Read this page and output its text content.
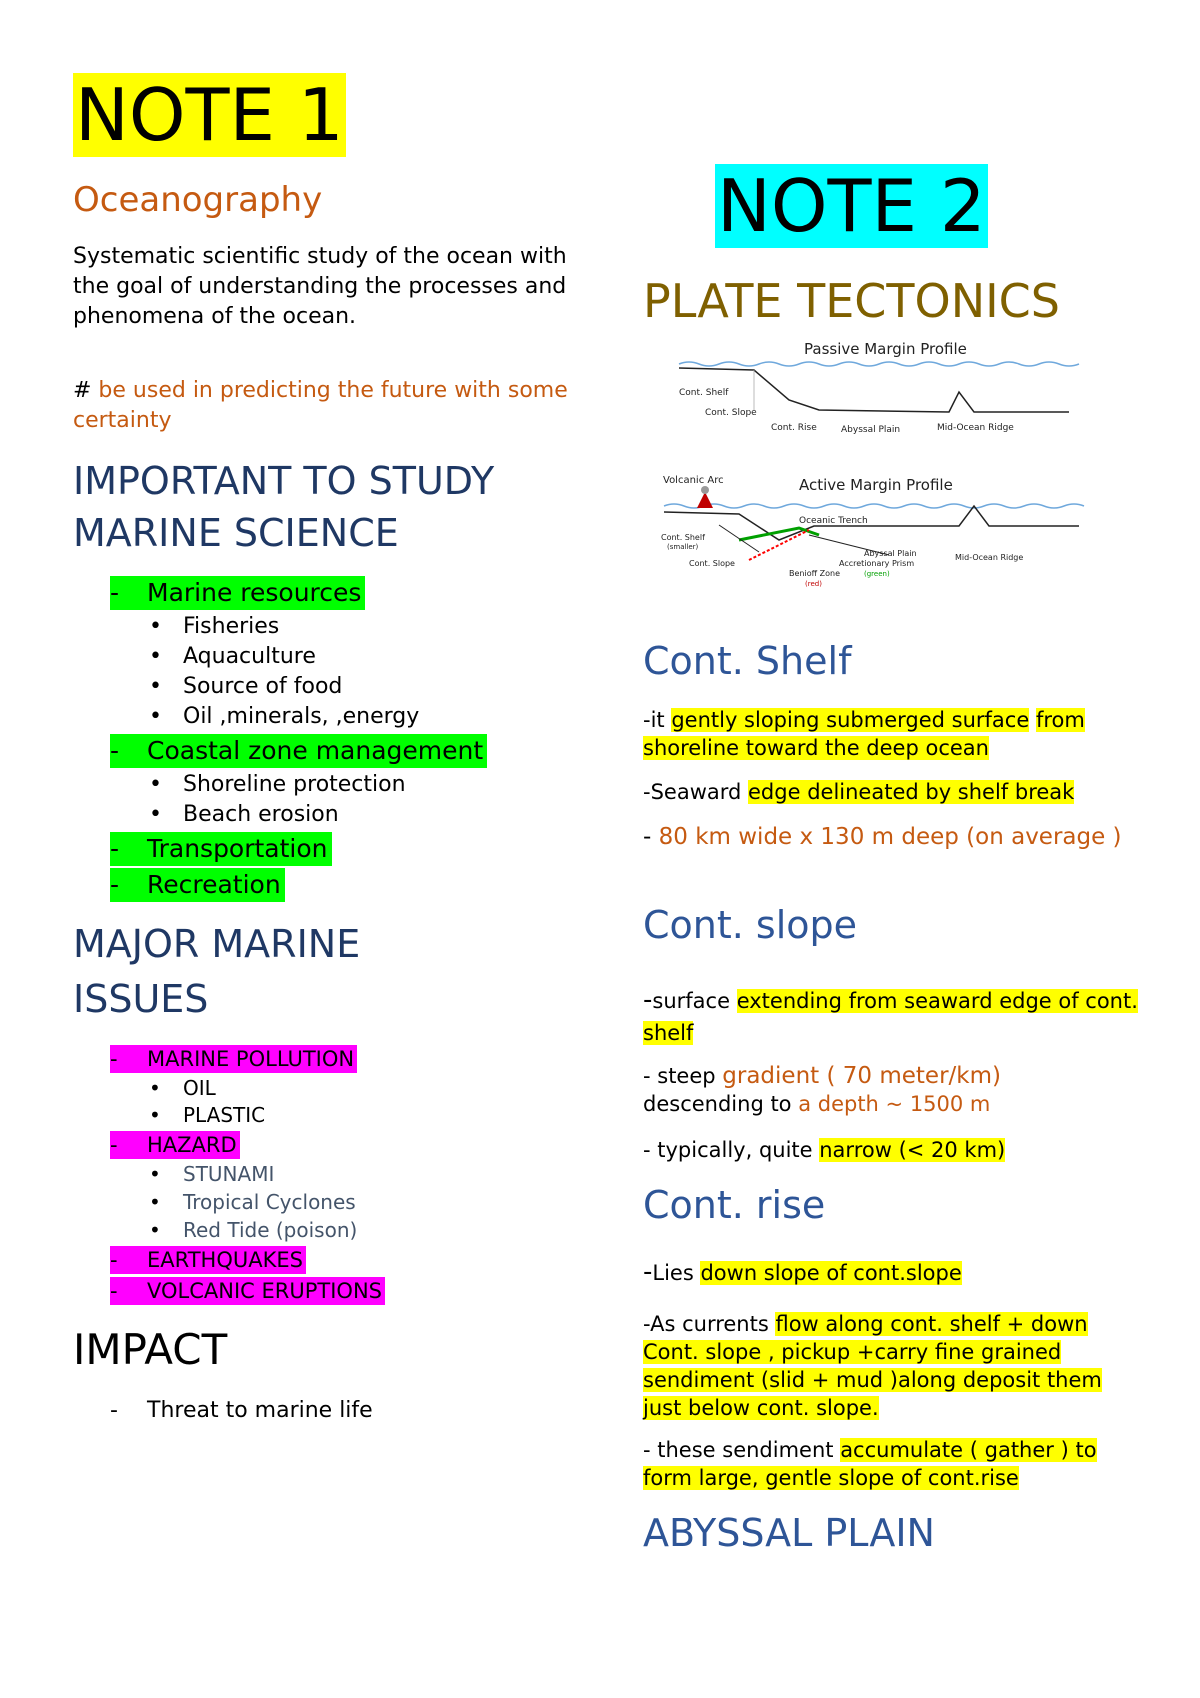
NOTE 1
Oceanography
Systematic scientific study of the ocean with the goal of understanding the processes and phenomena of the ocean.
# be used in predicting the future with some certainty
IMPORTANT TO STUDY MARINE SCIENCE
- Marine resources
• Fisheries
• Aquaculture
• Source of food
• Oil ,minerals, ,energy
- Coastal zone management
• Shoreline protection
• Beach erosion
- Transportation
- Recreation
MAJOR MARINE ISSUES
- MARINE POLLUTION
• OIL
• PLASTIC
- HAZARD
• STUNAMI
• Tropical Cyclones
• Red Tide (poison)
- EARTHQUAKES
- VOLCANIC ERUPTIONS
IMPACT
- Threat to marine life
NOTE 2
PLATE TECTONICS
Passive Margin Profile
Cont. Shelf
Cont. Slope
Cont. Rise	Abyssal Plain	Mid-Ocean Ridge
Volcanic Arc	Active Margin Profile
Oceanic Trench
Cont. Shelf
(smaller)
Cont. Slope
Benioff Zone
(red)
Abyssal Plain
Accretionary Prism
(green)
Mid-Ocean Ridge
Cont. Shelf
-it gently sloping submerged surface from shoreline toward the deep ocean
-Seaward edge delineated by shelf break
- 80 km wide x 130 m deep (on average )
Cont. slope
-surface extending from seaward edge of cont. shelf
- steep gradient ( 70 meter/km)
descending to a depth ~ 1500 m
- typically, quite narrow (< 20 km)
Cont. rise
-Lies down slope of cont.slope
-As currents flow along cont. shelf + down Cont. slope , pickup +carry fine grained sendiment (slid + mud )along deposit them just below cont. slope.
- these sendiment accumulate ( gather ) to form large, gentle slope of cont.rise
ABYSSAL PLAIN
